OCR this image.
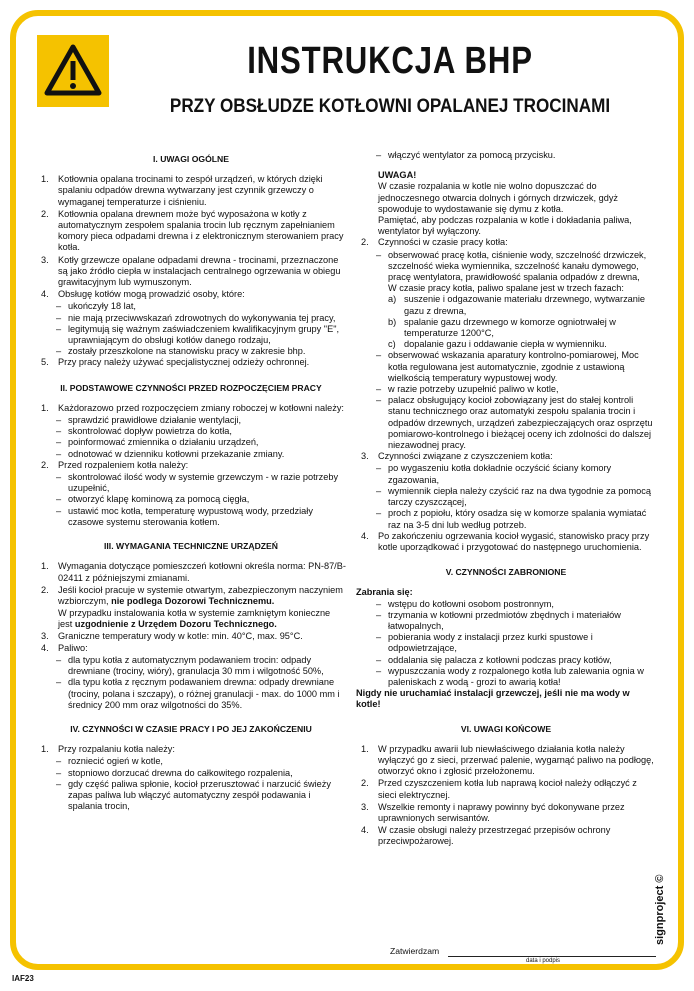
INSTRUKCJA BHP
PRZY OBSŁUDZE KOTŁOWNI OPALANEJ TROCINAMI
I. UWAGI OGÓLNE
1. Kotłownia opalana trocinami to zespół urządzeń, w których dzięki spalaniu odpadów drewna wytwarzany jest czynnik grzewczy o wymaganej temperaturze i ciśnieniu.
2. Kotłownia opalana drewnem może być wyposażona w kotły z automatycznym zespołem spalania trocin lub ręcznym zapełnianiem komory pieca odpadami drewna i z elektronicznym sterowaniem pracy kotła.
3. Kotły grzewcze opalane odpadami drewna - trocinami, przeznaczone są jako źródło ciepła w instalacjach centralnego ogrzewania w obiegu grawitacyjnym lub wymuszonym.
4. Obsługę kotłów mogą prowadzić osoby, które:
– ukończyły 18 lat,
– nie mają przeciwwskazań zdrowotnych do wykonywania tej pracy,
– legitymują się ważnym zaświadczeniem kwalifikacyjnym grupy "E", uprawniającym do obsługi kotłów danego rodzaju,
– zostały przeszkolone na stanowisku pracy w zakresie bhp.
5. Przy pracy należy używać specjalistycznej odzieży ochronnej.
II. PODSTAWOWE CZYNNOŚCI PRZED ROZPOCZĘCIEM PRACY
1. Każdorazowo przed rozpoczęciem zmiany roboczej w kotłowni należy:
– sprawdzić prawidłowe działanie wentylacji,
– skontrolować dopływ powietrza do kotła,
– poinformować zmiennika o działaniu urządzeń,
– odnotować w dzienniku kotłowni przekazanie zmiany.
2. Przed rozpaleniem kotła należy:
– skontrolować ilość wody w systemie grzewczym - w razie potrzeby uzupełnić,
– otworzyć klapę kominową za pomocą cięgła,
– ustawić moc kotła, temperaturę wypustową wody, przedziały czasowe systemu sterowania kotłem.
III. WYMAGANIA TECHNICZNE URZĄDZEŃ
1. Wymagania dotyczące pomieszczeń kotłowni określa norma: PN-87/B-02411 z późniejszymi zmianami.
2. Jeśli kocioł pracuje w systemie otwartym, zabezpieczonym naczyniem wzbiorczym, nie podlega Dozorowi Technicznemu.
W przypadku instalowania kotła w systemie zamkniętym konieczne jest uzgodnienie z Urzędem Dozoru Technicznego.
3. Graniczne temperatury wody w kotle: min. 40°C, max. 95°C.
4. Paliwo:
– dla typu kotła z automatycznym podawaniem trocin: odpady drewniane (trociny, wióry), granulacja 30 mm i wilgotność 50%,
– dla typu kotła z ręcznym podawaniem drewna: odpady drewniane (trociny, polana i szczapy), o różnej granulacji - max. do 1000 mm i średnicy 200 mm oraz wilgotności do 35%.
IV. CZYNNOŚCI W CZASIE PRACY I PO JEJ ZAKOŃCZENIU
1. Przy rozpalaniu kotła należy:
– rozniecić ogień w kotle,
– stopniowo dorzucać drewna do całkowitego rozpalenia,
– gdy część paliwa spłonie, kocioł przerusztować i narzucić świeży zapas paliwa lub włączyć automatyczny zespół podawania i spalania trocin,
– włączyć wentylator za pomocą przycisku.
UWAGA!
W czasie rozpalania w kotle nie wolno dopuszczać do jednoczesnego otwarcia dolnych i górnych drzwiczek, gdyż spowoduje to wydostawanie się dymu z kotła.
Pamiętać, aby podczas rozpalania w kotle i dokładania paliwa, wentylator był wyłączony.
2. Czynności w czasie pracy kotła:
– obserwować pracę kotła, ciśnienie wody, szczelność drzwiczek, szczelność wieka wymiennika, szczelność kanału dymowego, pracę wentylatora, prawidłowość spalania odpadów z drewna,
W czasie pracy kotła, paliwo spalane jest w trzech fazach:
a) suszenie i odgazowanie materiału drzewnego, wytwarzanie gazu z drewna,
b) spalanie gazu drzewnego w komorze ogniotrwałej w temperaturze 1200°C,
c) dopalanie gazu i oddawanie ciepła w wymienniku.
– obserwować wskazania aparatury kontrolno-pomiarowej, Moc kotła regulowana jest automatycznie, zgodnie z ustawioną wielkością temperatury wypustowej wody.
– w razie potrzeby uzupełnić paliwo w kotle,
– palacz obsługujący kocioł zobowiązany jest do stałej kontroli stanu technicznego oraz automatyki zespołu spalania trocin i odpadów drzewnych, urządzeń zabezpieczających oraz osprzętu pomiarowo-kontrolnego i bieżącej oceny ich zdolności do dalszej niezawodnej pracy.
3. Czynności związane z czyszczeniem kotła:
– po wygaszeniu kotła dokładnie oczyścić ściany komory zgazowania,
– wymiennik ciepła należy czyścić raz na dwa tygodnie za pomocą tarczy czyszczącej,
– proch z popiołu, który osadza się w komorze spalania wymiatać raz na 3-5 dni lub według potrzeb.
4. Po zakończeniu ogrzewania kocioł wygasić, stanowisko pracy przy kotle uporządkować i przygotować do następnego uruchomienia.
V. CZYNNOŚCI ZABRONIONE
Zabrania się:
– wstępu do kotłowni osobom postronnym,
– trzymania w kotłowni przedmiotów zbędnych i materiałów łatwopalnych,
– pobierania wody z instalacji przez kurki spustowe i odpowietrzające,
– oddalania się palacza z kotłowni podczas pracy kotłów,
– wypuszczania wody z rozpalonego kotła lub zalewania ognia w paleniskach z wodą - grozi to awarią kotła!
Nigdy nie uruchamiać instalacji grzewczej, jeśli nie ma wody w kotle!
VI. UWAGI KOŃCOWE
1. W przypadku awarii lub niewłaściwego działania kotła należy wyłączyć go z sieci, przerwać palenie, wygarnąć paliwo na podłogę, otworzyć okno i zgłosić przełożonemu.
2. Przed czyszczeniem kotła lub naprawą kocioł należy odłączyć z sieci elektrycznej.
3. Wszelkie remonty i naprawy powinny być dokonywane przez uprawnionych serwisantów.
4. W czasie obsługi należy przestrzegać przepisów ochrony przeciwpożarowej.
Zatwierdzam
data i podpis
IAF23
signproject ©
